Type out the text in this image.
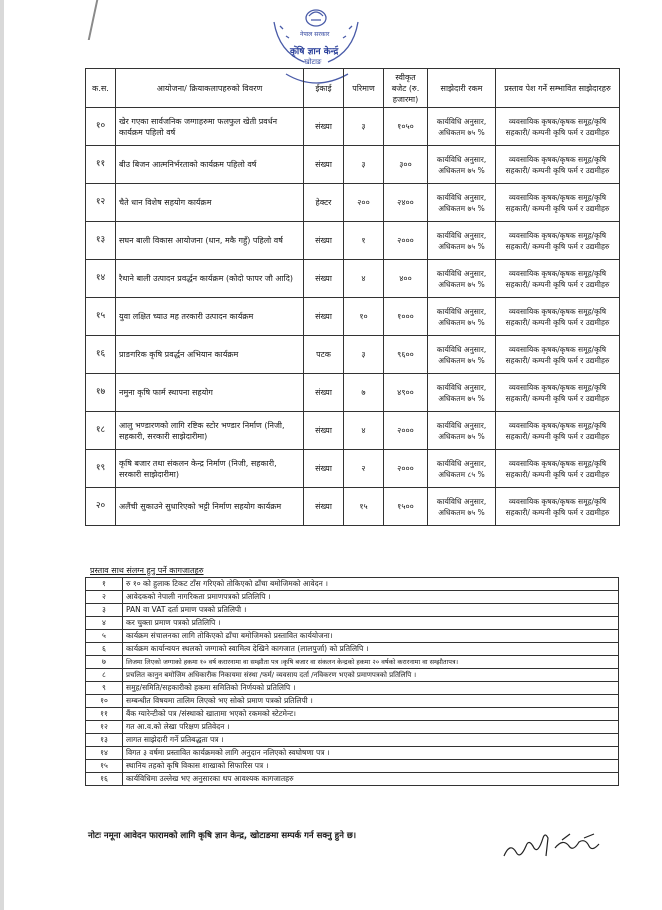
नेपाल सरकार
कृषि ज्ञान केन्द्र
खोटाङ
क.स.	आयोजना/ क्रियाकलापहरुको विवरण	ईकाई	परिमाण	स्वीकृत बजेट (रु. हजारमा)	साझेदारी रकम	प्रस्ताव पेश गर्ने सम्भावित साझेदारहरु
१०	खेर गएका सार्वजनिक जग्गाहरुमा फलफुल खेती प्रवर्धन कार्यक्रम पहिलो वर्ष	संख्या	३	१०५०	कार्यविधि अनुसार, अधिकतम ७५ %	व्यवसायिक कृषक/कृषक समूह/कृषि सहकारी/ कम्पनी कृषि फर्म र उद्यमीहरु
११	बीउ बिजन आत्मनिर्भरताको कार्यक्रम पहिलो वर्ष	संख्या	३	३००	कार्यविधि अनुसार, अधिकतम ७५ %	व्यवसायिक कृषक/कृषक समूह/कृषि सहकारी/ कम्पनी कृषि फर्म र उद्यमीहरु
१२	चैते धान विशेष सहयोग कार्यक्रम	हेक्टर	२००	२४००	कार्यविधि अनुसार, अधिकतम ७५ %	व्यवसायिक कृषक/कृषक समूह/कृषि सहकारी/ कम्पनी कृषि फर्म र उद्यमीहरु
१३	सघन बाली विकास आयोजना (धान, मकै गहुँ) पहिलो वर्ष	संख्या	१	२०००	कार्यविधि अनुसार, अधिकतम ७५ %	व्यवसायिक कृषक/कृषक समूह/कृषि सहकारी/ कम्पनी कृषि फर्म र उद्यमीहरु
१४	रैथाने बाली उत्पादन प्रवर्द्धन कार्यक्रम (कोदो फापर जौ आदि)	संख्या	४	४००	कार्यविधि अनुसार, अधिकतम ७५ %	व्यवसायिक कृषक/कृषक समूह/कृषि सहकारी/ कम्पनी कृषि फर्म र उद्यमीहरु
१५	युवा लक्षित च्याउ मह तरकारी उत्पादन कार्यक्रम	संख्या	१०	१०००	कार्यविधि अनुसार, अधिकतम ७५ %	व्यवसायिक कृषक/कृषक समूह/कृषि सहकारी/ कम्पनी कृषि फर्म र उद्यमीहरु
१६	प्राङगरिक कृषि प्रवर्द्धन अभियान कार्यक्रम	पटक	३	९६००	कार्यविधि अनुसार, अधिकतम ७५ %	व्यवसायिक कृषक/कृषक समूह/कृषि सहकारी/ कम्पनी कृषि फर्म र उद्यमीहरु
१७	नमुना कृषि फार्म स्थापना सहयोग	संख्या	७	४९००	कार्यविधि अनुसार, अधिकतम ७५ %	व्यवसायिक कृषक/कृषक समूह/कृषि सहकारी/ कम्पनी कृषि फर्म र उद्यमीहरु
१८	आलु भण्डारणको लागि रष्टिक स्टोर भण्डार निर्माण (निजी, सहकारी, सरकारी साझेदारीमा)	संख्या	४	२०००	कार्यविधि अनुसार, अधिकतम ७५ %	व्यवसायिक कृषक/कृषक समूह/कृषि सहकारी/ कम्पनी कृषि फर्म र उद्यमीहरु
१९	कृषि बजार तथा संकलन केन्द्र निर्माण (निजी, सहकारी, सरकारी साझेदारीमा)	संख्या	२	२०००	कार्यविधि अनुसार, अधिकतम ८५ %	व्यवसायिक कृषक/कृषक समूह/कृषि सहकारी/ कम्पनी कृषि फर्म र उद्यमीहरु
२०	अलैंची सुकाउने सुधारिएको भट्टी निर्माण सहयोग कार्यक्रम	संख्या	१५	१५००	कार्यविधि अनुसार, अधिकतम ७५ %	व्यवसायिक कृषक/कृषक समूह/कृषि सहकारी/ कम्पनी कृषि फर्म र उद्यमीहरु
प्रस्ताव साथ संलग्न हुनु पर्ने कागजातहरु
१	रु १० को हुलाक टिकट टाँस गरिएको तोकिएको ढाँचा बमोजिमको आवेदन ।
२	आवेदकको नेपाली नागरिकता प्रमाणपत्रको प्रतिलिपि ।
३	PAN वा VAT दर्ता प्रमाण पत्रको प्रतिलिपी ।
४	कर चुक्ता प्रमाण पत्रको प्रतिलिपि ।
५	कार्यक्रम संचालनका लागि तोकिएको ढाँचा बमोजिमको प्रस्तावित कार्ययोजना।
६	कार्यक्रम कार्यान्वयन स्थलको जग्गाको स्वामित्व देखिने कागजात (लालपुर्जा) को प्रतिलिपि ।
७	लिजमा लिएको जग्गाको हकमा १० वर्ष करारनामा वा सम्झौता पत्र ।कृषि बजार वा संकलन केन्द्रको हकमा २० वर्षको करारनामा वा सम्झौतापत्र।
८	प्रचलित कानुन बमोजिम अधिकारीक निकायमा संस्था /फर्म/ व्यवसाय दर्ता /नविकरण भएको प्रमाणपत्रको प्रतिलिपि ।
९	समुह/समिति/सहकारीको हकमा समितिको निर्णयको प्रतिलिपि ।
१०	सम्बन्धीत विषयमा तालिम लिएको भए सोको प्रमाण पत्रको प्रतिलिपी ।
११	बैंक ग्यारेन्टीको पत्र /संस्थाको खातामा भएको रकमको स्टेटमेन्ट।
१२	गत आ.व.को लेखा परिक्षण प्रतिवेदन ।
१३	लागत साझेदारी गर्ने प्रतिबद्धता पत्र ।
१४	विगत ३ वर्षमा प्रस्तावित कार्यक्रमको लागि अनुदान नलिएको स्वघोषणा पत्र ।
१५	स्थानिय तहको कृषि विकास शाखाको सिफारिस पत्र ।
१६	कार्यविधिमा उल्लेख भए अनुसारका थप आवश्यक कागजातहरु
नोटः नमूना आवेदन फारामको लागि कृषि ज्ञान केन्द्र, खोटाङमा सम्पर्क गर्न सक्नु हुने छ।
